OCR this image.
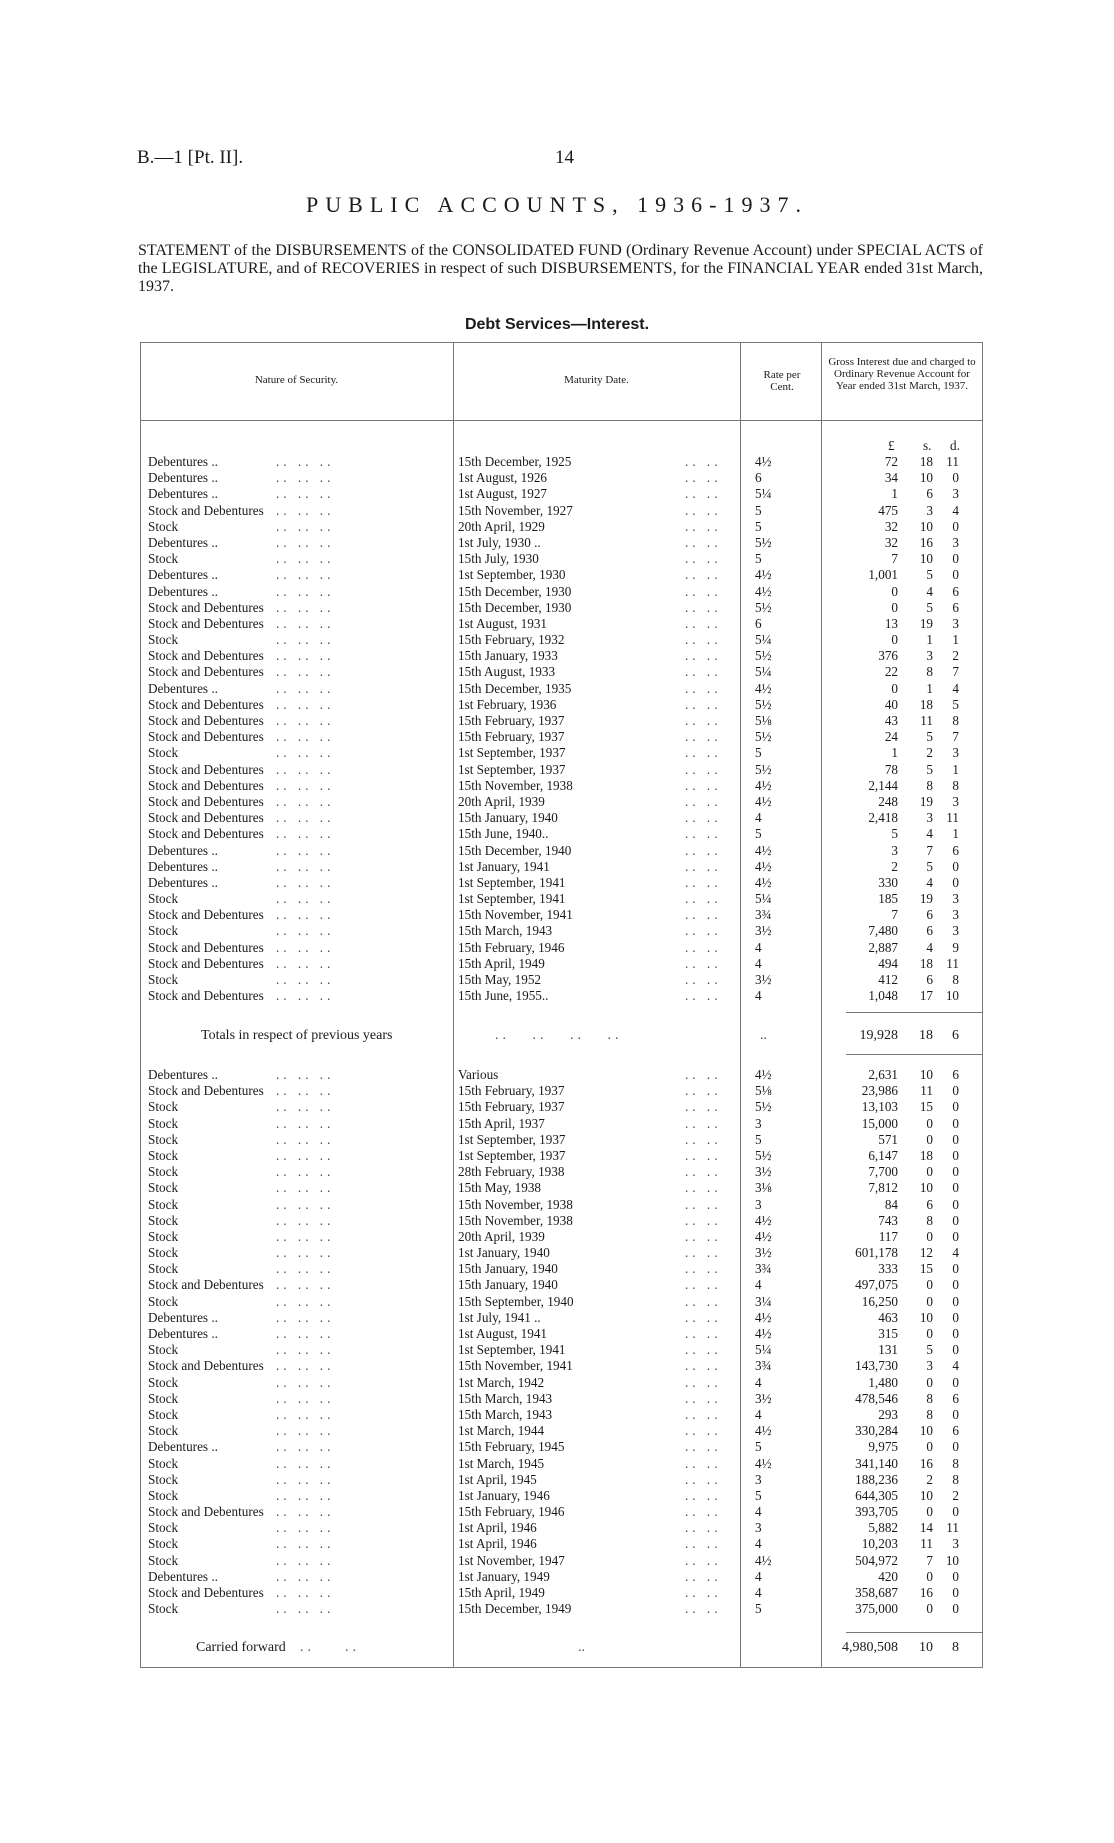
B.—1 [Pt. II].	14
PUBLIC ACCOUNTS, 1936-1937.
STATEMENT of the DISBURSEMENTS of the CONSOLIDATED FUND (Ordinary Revenue Account) under SPECIAL ACTS of the LEGISLATURE, and of RECOVERIES in respect of such DISBURSEMENTS, for the FINANCIAL YEAR ended 31st March, 1937.
Debt Services—Interest.
Nature of Security.	Maturity Date.	Rate per Cent.
Gross Interest due and charged to Ordinary Revenue Account for Year ended 31st March, 1937.
£ s. d.
Debentures ..	.. .. ..	15th December, 1925	.. ..	4½	72	18	11
Debentures ..	.. .. ..	1st August, 1926	.. ..	6	34	10	0
Debentures ..	.. .. ..	1st August, 1927	.. ..	5¼	1	6	3
Stock and Debentures .. .. ..	15th November, 1927	.. ..	5	475	3	4
Stock	.. .. ..	20th April, 1929	.. ..	5	32	10	0
Debentures ..	.. .. ..	1st July, 1930 ..	.. ..	5½	32	16	3
Stock	.. .. ..	15th July, 1930	.. ..	5	7	10	0
Debentures ..	.. .. ..	1st September, 1930	.. ..	4½	1,001	5	0
Debentures ..	.. .. ..	15th December, 1930	.. ..	4½	0	4	6
Stock and Debentures .. .. ..	15th December, 1930	.. ..	5½	0	5	6
Stock and Debentures .. .. ..	1st August, 1931	.. ..	6	13	19	3
Stock	.. .. ..	15th February, 1932	.. ..	5¼	0	1	1
Stock and Debentures .. .. ..	15th January, 1933	.. ..	5½	376	3	2
Stock and Debentures .. .. ..	15th August, 1933	.. ..	5¼	22	8	7
Debentures ..	.. .. ..	15th December, 1935	.. ..	4½	0	1	4
Stock and Debentures .. .. ..	1st February, 1936	.. ..	5½	40	18	5
Stock and Debentures .. .. ..	15th February, 1937	.. ..	5⅛	43	11	8
Stock and Debentures .. .. ..	15th February, 1937	.. ..	5½	24	5	7
Stock	.. .. ..	1st September, 1937	.. ..	5	1	2	3
Stock and Debentures .. .. ..	1st September, 1937	.. ..	5½	78	5	1
Stock and Debentures .. .. ..	15th November, 1938	.. ..	4½	2,144	8	8
Stock and Debentures .. .. ..	20th April, 1939	.. ..	4½	248	19	3
Stock and Debentures .. .. ..	15th January, 1940	.. ..	4	2,418	3	11
Stock and Debentures .. .. ..	15th June, 1940..	.. ..	5	5	4	1
Debentures ..	.. .. ..	15th December, 1940	.. ..	4½	3	7	6
Debentures ..	.. .. ..	1st January, 1941	.. ..	4½	2	5	0
Debentures ..	.. .. ..	1st September, 1941	.. ..	4½	330	4	0
Stock	.. .. ..	1st September, 1941	.. ..	5¼	185	19	3
Stock and Debentures .. .. ..	15th November, 1941	.. ..	3¾	7	6	3
Stock	.. .. ..	15th March, 1943	.. ..	3½	7,480	6	3
Stock and Debentures .. .. ..	15th February, 1946	.. ..	4	2,887	4	9
Stock and Debentures .. .. ..	15th April, 1949	.. ..	4	494	18	11
Stock	.. .. ..	15th May, 1952	.. ..	3½	412	6	8
Stock and Debentures .. .. ..	15th June, 1955..	.. ..	4	1,048	17 10
Totals in respect of previous years	..   ..   ..   ..	..	19,928	18	6
Debentures ..	.. .. ..	Various	.. ..	4½	2,631	10	6
Stock and Debentures .. .. ..	15th February, 1937	.. ..	5⅛	23,986	11	0
Stock	.. .. ..	15th February, 1937	.. ..	5½	13,103	15	0
Stock	.. .. ..	15th April, 1937	.. ..	3	15,000	0	0
Stock	.. .. ..	1st September, 1937	.. ..	5	571	0	0
Stock	.. .. ..	1st September, 1937	.. ..	5½	6,147	18	0
Stock	.. .. ..	28th February, 1938	.. ..	3½	7,700	0	0
Stock	.. .. ..	15th May, 1938	.. ..	3⅛	7,812	10	0
Stock	.. .. ..	15th November, 1938	.. ..	3	84	6	0
Stock	.. .. ..	15th November, 1938	.. ..	4½	743	8	0
Stock	.. .. ..	20th April, 1939	.. ..	4½	117	0	0
Stock	.. .. ..	1st January, 1940	.. ..	3½	601,178	12	4
Stock	.. .. ..	15th January, 1940	.. ..	3¾	333	15	0
Stock and Debentures .. .. ..	15th January, 1940	.. ..	4	497,075	0	0
Stock	.. .. ..	15th September, 1940	.. ..	3¼	16,250	0	0
Debentures ..	.. .. ..	1st July, 1941 ..	.. ..	4½	463	10	0
Debentures ..	.. .. ..	1st August, 1941	.. ..	4½	315	0	0
Stock	.. .. ..	1st September, 1941	.. ..	5¼	131	5	0
Stock and Debentures .. .. ..	15th November, 1941	.. ..	3¾	143,730	3	4
Stock	.. .. ..	1st March, 1942	.. ..	4	1,480	0	0
Stock	.. .. ..	15th March, 1943	.. ..	3½	478,546	8	6
Stock	.. .. ..	15th March, 1943	.. ..	4	293	8	0
Stock	.. .. ..	1st March, 1944	.. ..	4½	330,284	10	6
Debentures ..	.. .. ..	15th February, 1945	.. ..	5	9,975	0	0
Stock	.. .. ..	1st March, 1945	.. ..	4½	341,140	16	8
Stock	.. .. ..	1st April, 1945	.. ..	3	188,236	2	8
Stock	.. .. ..	1st January, 1946	.. ..	5	644,305	10	2
Stock and Debentures .. .. ..	15th February, 1946	.. ..	4	393,705	0	0
Stock	.. .. ..	1st April, 1946	.. ..	3	5,882	14	11
Stock	.. .. ..	1st April, 1946	.. ..	4	10,203	11	3
Stock	.. .. ..	1st November, 1947	.. ..	4½	504,972	7 10
Debentures ..	.. .. ..	1st January, 1949	.. ..	4	420	0	0
Stock and Debentures .. .. ..	15th April, 1949	.. ..	4	358,687	16	0
Stock	.. .. ..	15th December, 1949	.. ..	5	375,000	0	0
Carried forward ..    ..	..	4,980,508	10	8
